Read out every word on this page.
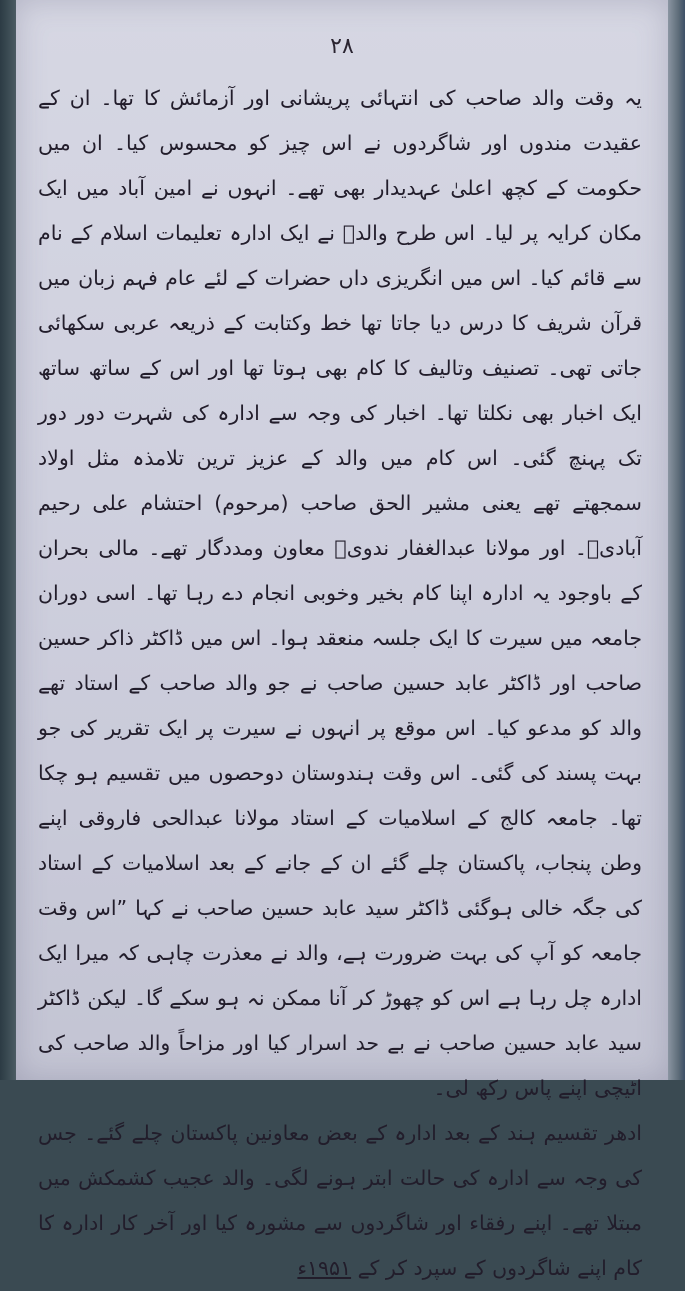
۲۸

یہ وقت والد صاحب کی انتہائی پریشانی اور آزمائش کا تھا۔ ان کے عقیدت مندوں اور شاگردوں نے اس چیز کو محسوس کیا۔ ان میں حکومت کے کچھ اعلیٰ عہدیدار بھی تھے۔ انہوں نے امین آباد میں ایک مکان کرایہ پر لیا۔ اس طرح والدؒ نے ایک ادارہ تعلیمات اسلام کے نام سے قائم کیا۔ اس میں انگریزی داں حضرات کے لئے عام فہم زبان میں قرآن شریف کا درس دیا جاتا تھا خط وکتابت کے ذریعہ عربی سکھائی جاتی تھی۔ تصنیف وتالیف کا کام بھی ہوتا تھا اور اس کے ساتھ ساتھ ایک اخبار بھی نکلتا تھا۔ اخبار کی وجہ سے ادارہ کی شہرت دور دور تک پہنچ گئی۔ اس کام میں والد کے عزیز ترین تلامذہ مثل اولاد سمجھتے تھے یعنی مشیر الحق صاحب (مرحوم) احتشام علی رحیم آبادیؒ۔ اور مولانا عبدالغفار ندویؒ معاون ومددگار تھے۔ مالی بحران کے باوجود یہ ادارہ اپنا کام بخیر وخوبی انجام دے رہا تھا۔ اسی دوران جامعہ میں سیرت کا ایک جلسہ منعقد ہوا۔ اس میں ڈاکٹر ذاکر حسین صاحب اور ڈاکٹر عابد حسین صاحب نے جو والد صاحب کے استاد تھے والد کو مدعو کیا۔ اس موقع پر انہوں نے سیرت پر ایک تقریر کی جو بہت پسند کی گئی۔ اس وقت ہندوستان دوحصوں میں تقسیم ہو چکا تھا۔ جامعہ کالج کے اسلامیات کے استاد مولانا عبدالحی فاروقی اپنے وطن پنجاب، پاکستان چلے گئے ان کے جانے کے بعد اسلامیات کے استاد کی جگہ خالی ہوگئی ڈاکٹر سید عابد حسین صاحب نے کہا ”اس وقت جامعہ کو آپ کی بہت ضرورت ہے، والد نے معذرت چاہی کہ میرا ایک ادارہ چل رہا ہے اس کو چھوڑ کر آنا ممکن نہ ہو سکے گا۔ لیکن ڈاکٹر سید عابد حسین صاحب نے بے حد اسرار کیا اور مزاحاً والد صاحب کی اٹیچی اپنے پاس رکھ لی۔

ادھر تقسیم ہند کے بعد ادارہ کے بعض معاونین پاکستان چلے گئے۔ جس کی وجہ سے ادارہ کی حالت ابتر ہونے لگی۔ والد عجیب کشمکش میں مبتلا تھے۔ اپنے رفقاء اور شاگردوں سے مشورہ کیا اور آخر کار ادارہ کا کام اپنے شاگردوں کے سپرد کر کے ۱۹۵۱ء
